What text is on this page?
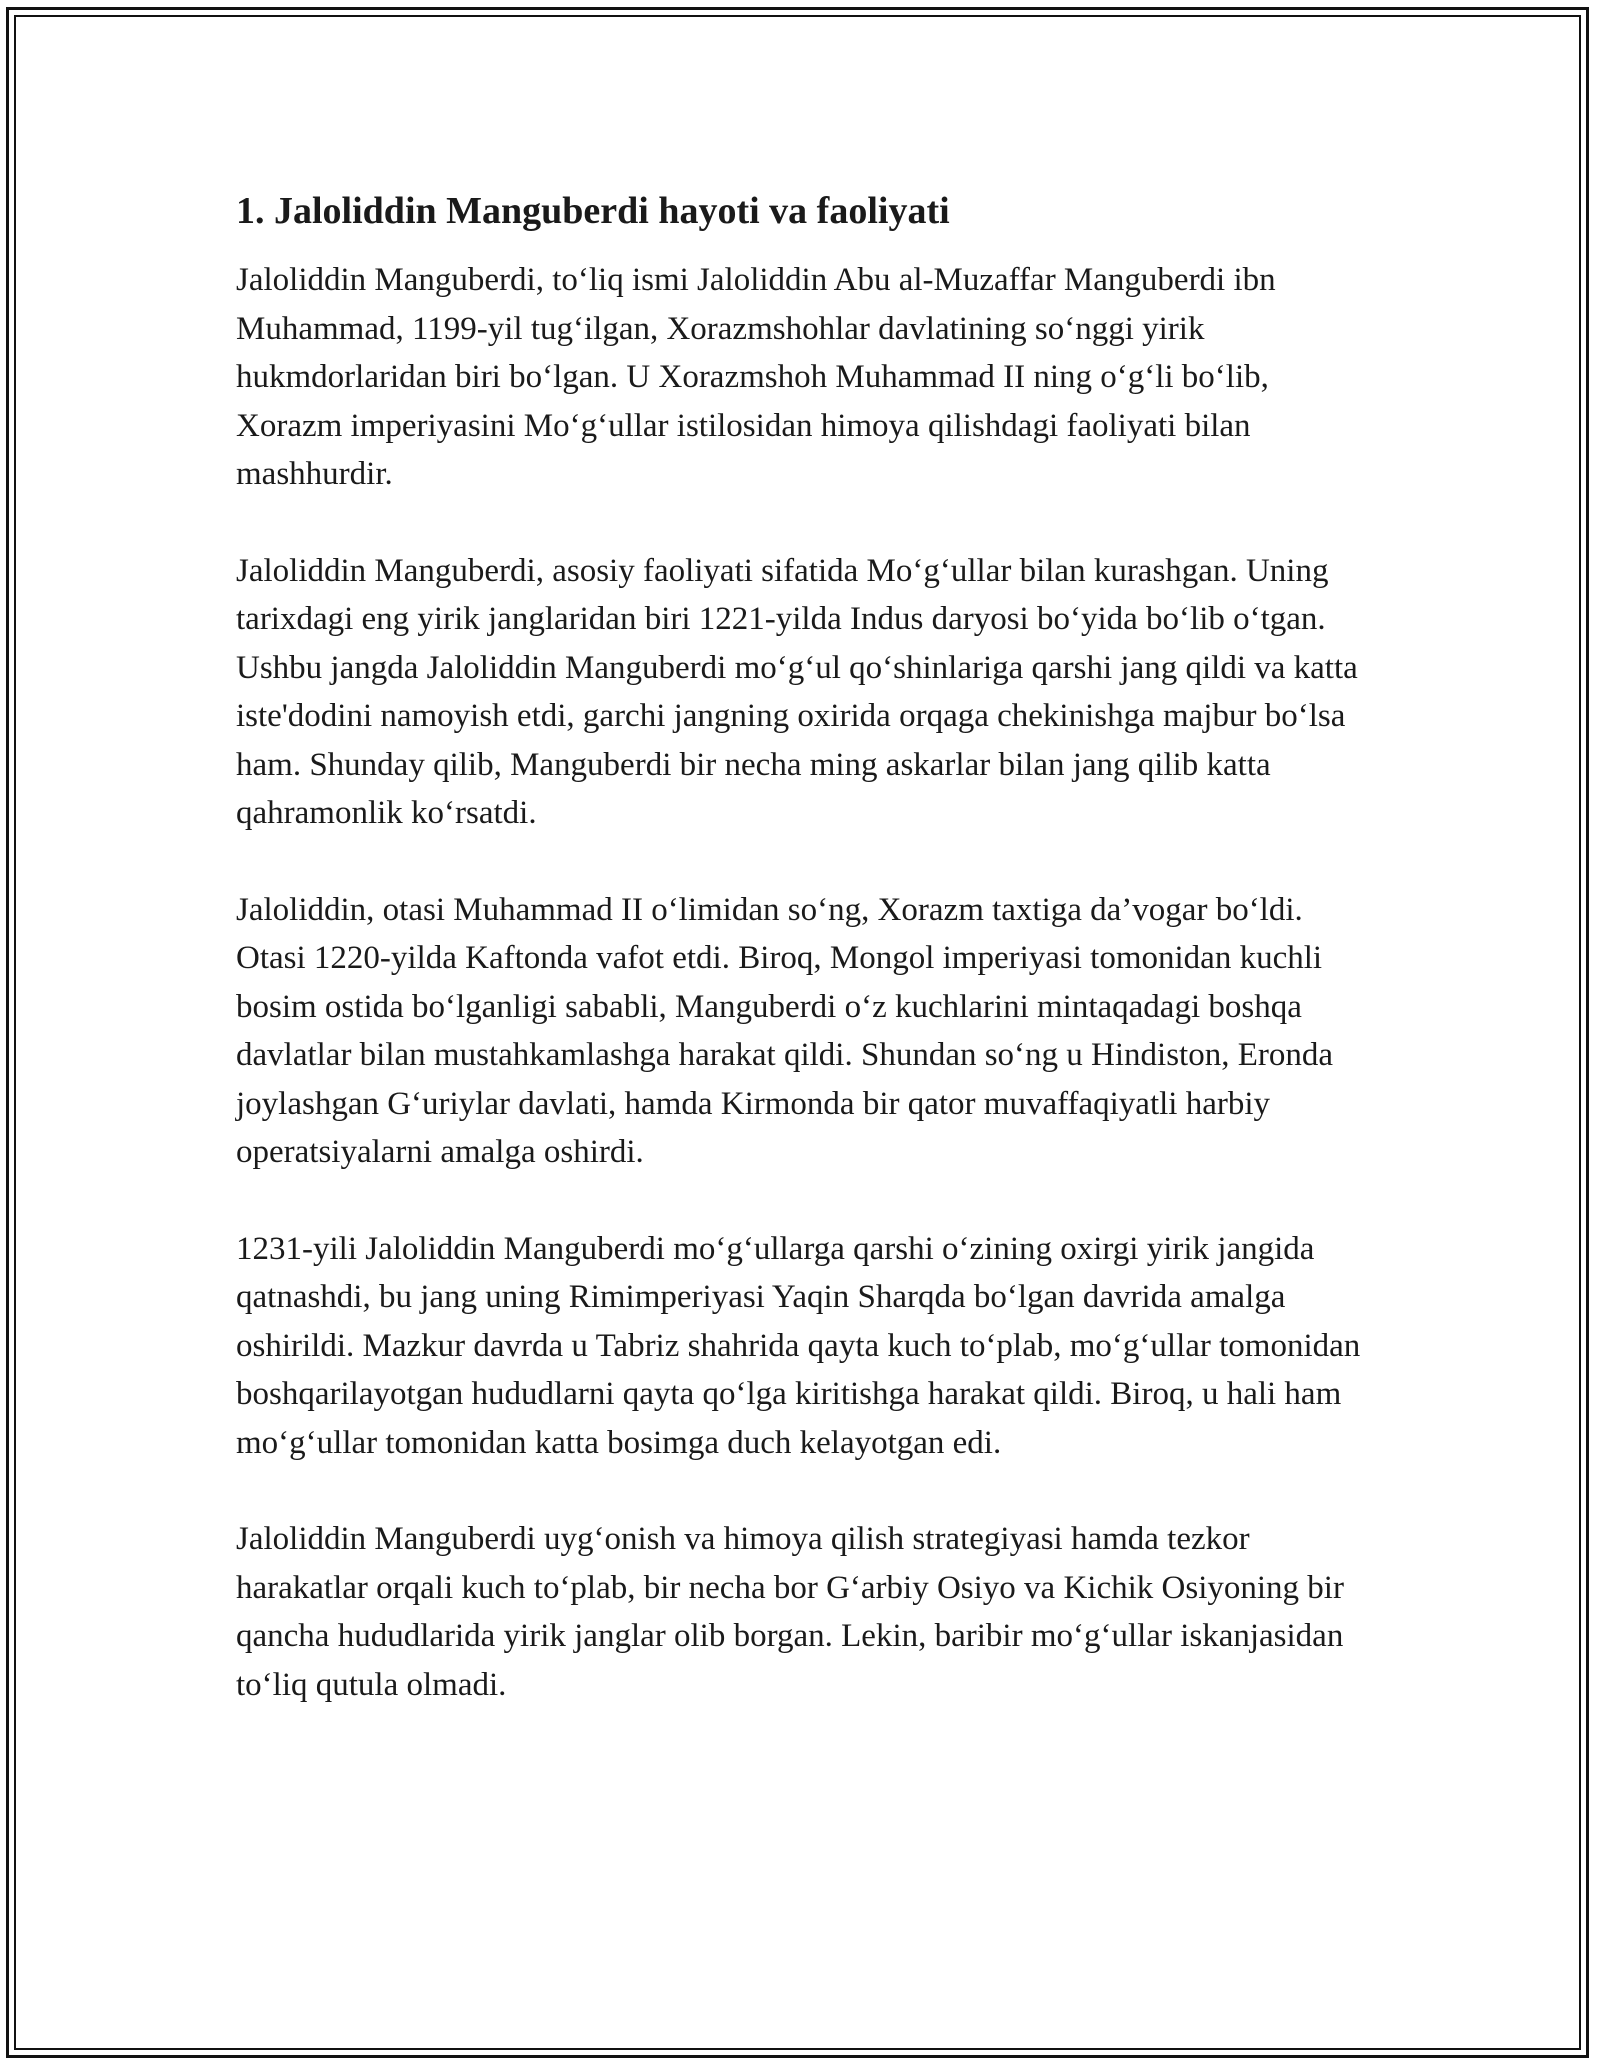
1. Jaloliddin Manguberdi hayoti va faoliyati

Jaloliddin Manguberdi, to‘liq ismi Jaloliddin Abu al-Muzaffar Manguberdi ibn Muhammad, 1199-yil tug‘ilgan, Xorazmshohlar davlatining so‘nggi yirik hukmdorlaridan biri bo‘lgan. U Xorazmshoh Muhammad II ning o‘g‘li bo‘lib, Xorazm imperiyasini Mo‘g‘ullar istilosidan himoya qilishdagi faoliyati bilan mashhurdir.

Jaloliddin Manguberdi, asosiy faoliyati sifatida Mo‘g‘ullar bilan kurashgan. Uning tarixdagi eng yirik janglaridan biri 1221-yilda Indus daryosi bo‘yida bo‘lib o‘tgan. Ushbu jangda Jaloliddin Manguberdi mo‘g‘ul qo‘shinlariga qarshi jang qildi va katta iste'dodini namoyish etdi, garchi jangning oxirida orqaga chekinishga majbur bo‘lsa ham. Shunday qilib, Manguberdi bir necha ming askarlar bilan jang qilib katta qahramonlik ko‘rsatdi.

Jaloliddin, otasi Muhammad II o‘limidan so‘ng, Xorazm taxtiga da’vogar bo‘ldi. Otasi 1220-yilda Kaftonda vafot etdi. Biroq, Mongol imperiyasi tomonidan kuchli bosim ostida bo‘lganligi sababli, Manguberdi o‘z kuchlarini mintaqadagi boshqa davlatlar bilan mustahkamlashga harakat qildi. Shundan so‘ng u Hindiston, Eronda joylashgan G‘uriylar davlati, hamda Kirmonda bir qator muvaffaqiyatli harbiy operatsiyalarni amalga oshirdi.

1231-yili Jaloliddin Manguberdi mo‘g‘ullarga qarshi o‘zining oxirgi yirik jangida qatnashdi, bu jang uning Rimimperiyasi Yaqin Sharqda bo‘lgan davrida amalga oshirildi. Mazkur davrda u Tabriz shahrida qayta kuch to‘plab, mo‘g‘ullar tomonidan boshqarilayotgan hududlarni qayta qo‘lga kiritishga harakat qildi. Biroq, u hali ham mo‘g‘ullar tomonidan katta bosimga duch kelayotgan edi.

Jaloliddin Manguberdi uyg‘onish va himoya qilish strategiyasi hamda tezkor harakatlar orqali kuch to‘plab, bir necha bor G‘arbiy Osiyo va Kichik Osiyoning bir qancha hududlarida yirik janglar olib borgan. Lekin, baribir mo‘g‘ullar iskanjasidan to‘liq qutula olmadi.
